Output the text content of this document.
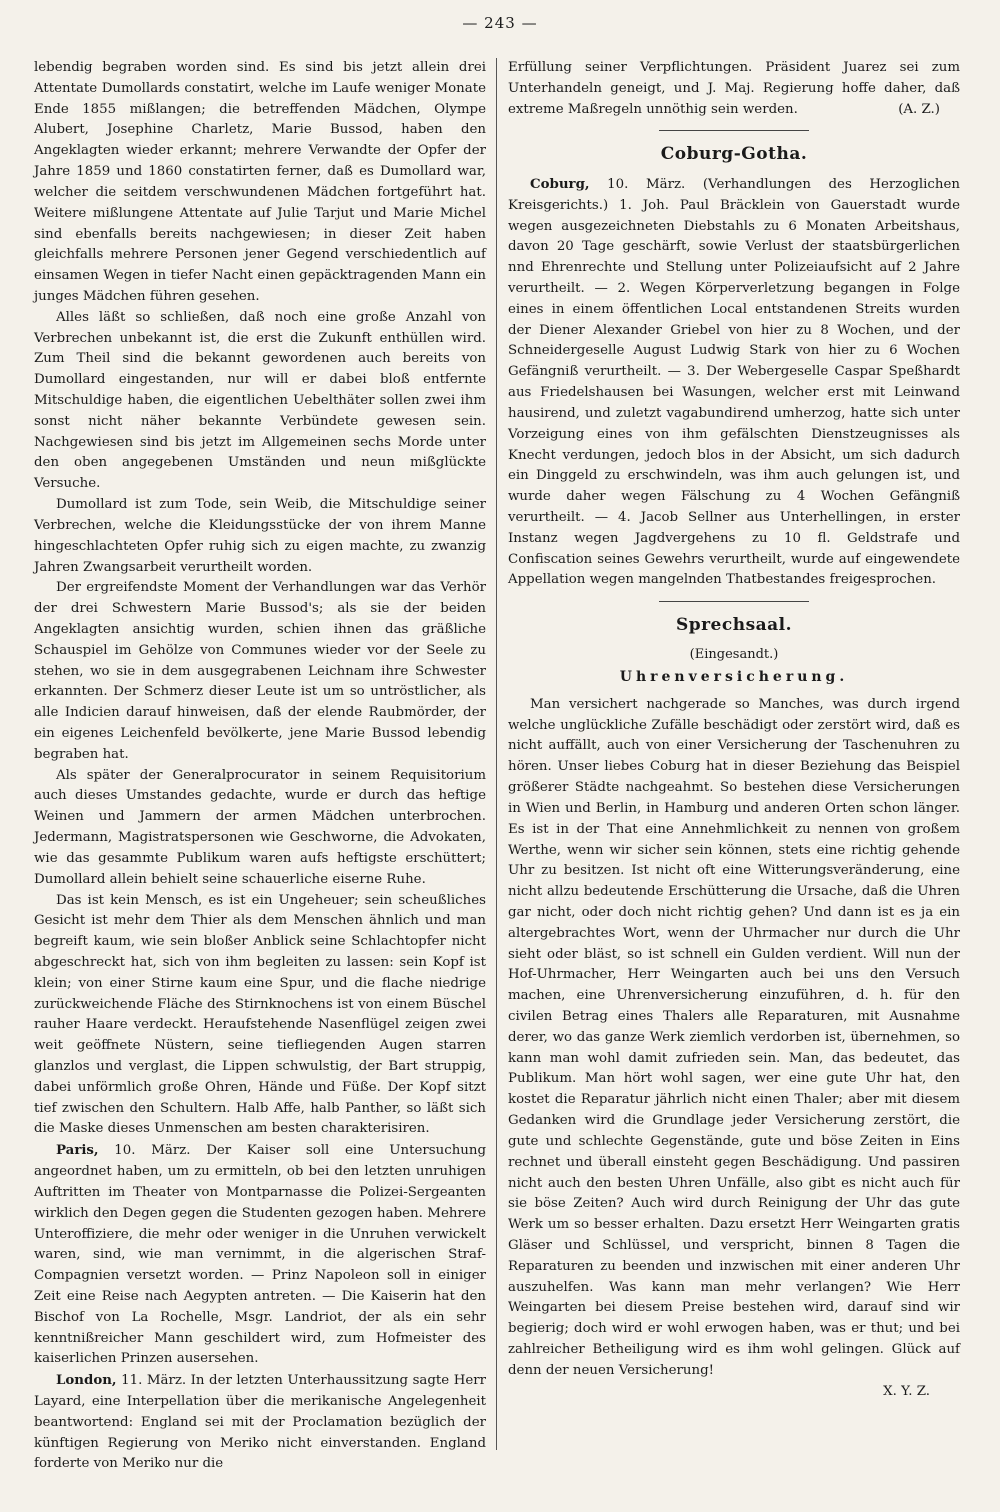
— 243 —

lebendig begraben worden sind. Es sind bis jetzt allein drei Attentate Dumollards constatirt, welche im Laufe weniger Monate Ende 1855 mißlangen; die betreffenden Mädchen, Olympe Alubert, Josephine Charletz, Marie Bussod, haben den Angeklagten wieder erkannt; mehrere Verwandte der Opfer der Jahre 1859 und 1860 constatirten ferner, daß es Dumollard war, welcher die seitdem verschwundenen Mädchen fortgeführt hat. Weitere mißlungene Attentate auf Julie Tarjut und Marie Michel sind ebenfalls bereits nachgewiesen; in dieser Zeit haben gleichfalls mehrere Personen jener Gegend verschiedentlich auf einsamen Wegen in tiefer Nacht einen gepäcktragenden Mann ein junges Mädchen führen gesehen.

Alles läßt so schließen, daß noch eine große Anzahl von Verbrechen unbekannt ist, die erst die Zukunft enthüllen wird. Zum Theil sind die bekannt gewordenen auch bereits von Dumollard eingestanden, nur will er dabei bloß entfernte Mitschuldige haben, die eigentlichen Uebelthäter sollen zwei ihm sonst nicht näher bekannte Verbündete gewesen sein. Nachgewiesen sind bis jetzt im Allgemeinen sechs Morde unter den oben angegebenen Umständen und neun mißglückte Versuche.

Dumollard ist zum Tode, sein Weib, die Mitschuldige seiner Verbrechen, welche die Kleidungsstücke der von ihrem Manne hingeschlachteten Opfer ruhig sich zu eigen machte, zu zwanzig Jahren Zwangsarbeit verurtheilt worden.

Der ergreifendste Moment der Verhandlungen war das Verhör der drei Schwestern Marie Bussod's; als sie der beiden Angeklagten ansichtig wurden, schien ihnen das gräßliche Schauspiel im Gehölze von Communes wieder vor der Seele zu stehen, wo sie in dem ausgegrabenen Leichnam ihre Schwester erkannten. Der Schmerz dieser Leute ist um so untröstlicher, als alle Indicien darauf hinweisen, daß der elende Raubmörder, der ein eigenes Leichenfeld bevölkerte, jene Marie Bussod lebendig begraben hat.

Als später der Generalprocurator in seinem Requisitorium auch dieses Umstandes gedachte, wurde er durch das heftige Weinen und Jammern der armen Mädchen unterbrochen. Jedermann, Magistratspersonen wie Geschworne, die Advokaten, wie das gesammte Publikum waren aufs heftigste erschüttert; Dumollard allein behielt seine schauerliche eiserne Ruhe.

Das ist kein Mensch, es ist ein Ungeheuer; sein scheußliches Gesicht ist mehr dem Thier als dem Menschen ähnlich und man begreift kaum, wie sein bloßer Anblick seine Schlachtopfer nicht abgeschreckt hat, sich von ihm begleiten zu lassen: sein Kopf ist klein; von einer Stirne kaum eine Spur, und die flache niedrige zurückweichende Fläche des Stirnknochens ist von einem Büschel rauher Haare verdeckt. Heraufstehende Nasenflügel zeigen zwei weit geöffnete Nüstern, seine tiefliegenden Augen starren glanzlos und verglast, die Lippen schwulstig, der Bart struppig, dabei unförmlich große Ohren, Hände und Füße. Der Kopf sitzt tief zwischen den Schultern. Halb Affe, halb Panther, so läßt sich die Maske dieses Unmenschen am besten charakterisiren.

Paris, 10. März. Der Kaiser soll eine Untersuchung angeordnet haben, um zu ermitteln, ob bei den letzten unruhigen Auftritten im Theater von Montparnasse die Polizei-Sergeanten wirklich den Degen gegen die Studenten gezogen haben. Mehrere Unteroffiziere, die mehr oder weniger in die Unruhen verwickelt waren, sind, wie man vernimmt, in die algerischen Straf-Compagnien versetzt worden. — Prinz Napoleon soll in einiger Zeit eine Reise nach Aegypten antreten. — Die Kaiserin hat den Bischof von La Rochelle, Msgr. Landriot, der als ein sehr kenntnißreicher Mann geschildert wird, zum Hofmeister des kaiserlichen Prinzen ausersehen.

London, 11. März. In der letzten Unterhaussitzung sagte Herr Layard, eine Interpellation über die merikanische Angelegenheit beantwortend: England sei mit der Proclamation bezüglich der künftigen Regierung von Meriko nicht einverstanden. England forderte von Meriko nur die

Erfüllung seiner Verpflichtungen. Präsident Juarez sei zum Unterhandeln geneigt, und J. Maj. Regierung hoffe daher, daß extreme Maßregeln unnöthig sein werden.	(A. Z.)

Coburg-Gotha.

Coburg, 10. März. (Verhandlungen des Herzoglichen Kreisgerichts.) 1. Joh. Paul Bräcklein von Gauerstadt wurde wegen ausgezeichneten Diebstahls zu 6 Monaten Arbeitshaus, davon 20 Tage geschärft, sowie Verlust der staatsbürgerlichen nnd Ehrenrechte und Stellung unter Polizeiaufsicht auf 2 Jahre verurtheilt. — 2. Wegen Körperverletzung begangen in Folge eines in einem öffentlichen Local entstandenen Streits wurden der Diener Alexander Griebel von hier zu 8 Wochen, und der Schneidergeselle August Ludwig Stark von hier zu 6 Wochen Gefängniß verurtheilt. — 3. Der Webergeselle Caspar Speßhardt aus Friedelshausen bei Wasungen, welcher erst mit Leinwand hausirend, und zuletzt vagabundirend umherzog, hatte sich unter Vorzeigung eines von ihm gefälschten Dienstzeugnisses als Knecht verdungen, jedoch blos in der Absicht, um sich dadurch ein Dinggeld zu erschwindeln, was ihm auch gelungen ist, und wurde daher wegen Fälschung zu 4 Wochen Gefängniß verurtheilt. — 4. Jacob Sellner aus Unterhellingen, in erster Instanz wegen Jagdvergehens zu 10 fl. Geldstrafe und Confiscation seines Gewehrs verurtheilt, wurde auf eingewendete Appellation wegen mangelnden Thatbestandes freigesprochen.

Sprechsaal.
(Eingesandt.)
Uhrenversicherung.

Man versichert nachgerade so Manches, was durch irgend welche unglückliche Zufälle beschädigt oder zerstört wird, daß es nicht auffällt, auch von einer Versicherung der Taschenuhren zu hören. Unser liebes Coburg hat in dieser Beziehung das Beispiel größerer Städte nachgeahmt. So bestehen diese Versicherungen in Wien und Berlin, in Hamburg und anderen Orten schon länger. Es ist in der That eine Annehmlichkeit zu nennen von großem Werthe, wenn wir sicher sein können, stets eine richtig gehende Uhr zu besitzen. Ist nicht oft eine Witterungsveränderung, eine nicht allzu bedeutende Erschütterung die Ursache, daß die Uhren gar nicht, oder doch nicht richtig gehen? Und dann ist es ja ein altergebrachtes Wort, wenn der Uhrmacher nur durch die Uhr sieht oder bläst, so ist schnell ein Gulden verdient. Will nun der Hof-Uhrmacher, Herr Weingarten auch bei uns den Versuch machen, eine Uhrenversicherung einzuführen, d. h. für den civilen Betrag eines Thalers alle Reparaturen, mit Ausnahme derer, wo das ganze Werk ziemlich verdorben ist, übernehmen, so kann man wohl damit zufrieden sein. Man, das bedeutet, das Publikum. Man hört wohl sagen, wer eine gute Uhr hat, den kostet die Reparatur jährlich nicht einen Thaler; aber mit diesem Gedanken wird die Grundlage jeder Versicherung zerstört, die gute und schlechte Gegenstände, gute und böse Zeiten in Eins rechnet und überall einsteht gegen Beschädigung. Und passiren nicht auch den besten Uhren Unfälle, also gibt es nicht auch für sie böse Zeiten? Auch wird durch Reinigung der Uhr das gute Werk um so besser erhalten. Dazu ersetzt Herr Weingarten gratis Gläser und Schlüssel, und verspricht, binnen 8 Tagen die Reparaturen zu beenden und inzwischen mit einer anderen Uhr auszuhelfen. Was kann man mehr verlangen? Wie Herr Weingarten bei diesem Preise bestehen wird, darauf sind wir begierig; doch wird er wohl erwogen haben, was er thut; und bei zahlreicher Betheiligung wird es ihm wohl gelingen. Glück auf denn der neuen Versicherung!

X. Y. Z.
